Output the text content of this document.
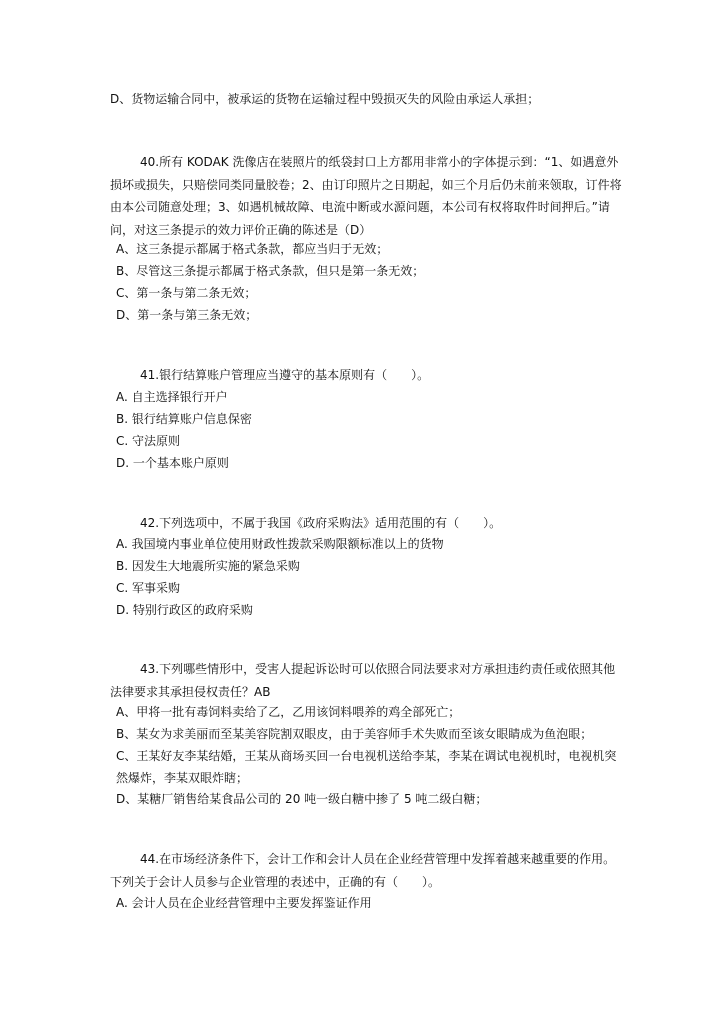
D、货物运输合同中，被承运的货物在运输过程中毁损灭失的风险由承运人承担；
40.所有 KODAK 洗像店在装照片的纸袋封口上方都用非常小的字体提示到：“1、如遇意外损坏或损失，只赔偿同类同量胶卷；2、由订印照片之日期起，如三个月后仍未前来领取，订件将由本公司随意处理；3、如遇机械故障、电流中断或水源问题，本公司有权将取件时间押后。”请问，对这三条提示的效力评价正确的陈述是（D）
A、这三条提示都属于格式条款，都应当归于无效；
B、尽管这三条提示都属于格式条款，但只是第一条无效；
C、第一条与第二条无效；
D、第一条与第三条无效；
41.银行结算账户管理应当遵守的基本原则有（　　）。
A. 自主选择银行开户
B. 银行结算账户信息保密
C. 守法原则
D. 一个基本账户原则
42.下列选项中，不属于我国《政府采购法》适用范围的有（　　）。
A. 我国境内事业单位使用财政性拨款采购限额标准以上的货物
B. 因发生大地震所实施的紧急采购
C. 军事采购
D. 特别行政区的政府采购
43.下列哪些情形中，受害人提起诉讼时可以依照合同法要求对方承担违约责任或依照其他法律要求其承担侵权责任？AB
A、甲将一批有毒饲料卖给了乙，乙用该饲料喂养的鸡全部死亡；
B、某女为求美丽而至某美容院割双眼皮，由于美容师手术失败而至该女眼睛成为鱼泡眼；
C、王某好友李某结婚，王某从商场买回一台电视机送给李某，李某在调试电视机时，电视机突然爆炸，李某双眼炸瞎；
D、某糖厂销售给某食品公司的 20 吨一级白糖中掺了 5 吨二级白糖；
44.在市场经济条件下，会计工作和会计人员在企业经营管理中发挥着越来越重要的作用。下列关于会计人员参与企业管理的表述中，正确的有（　　）。
A. 会计人员在企业经营管理中主要发挥鉴证作用
